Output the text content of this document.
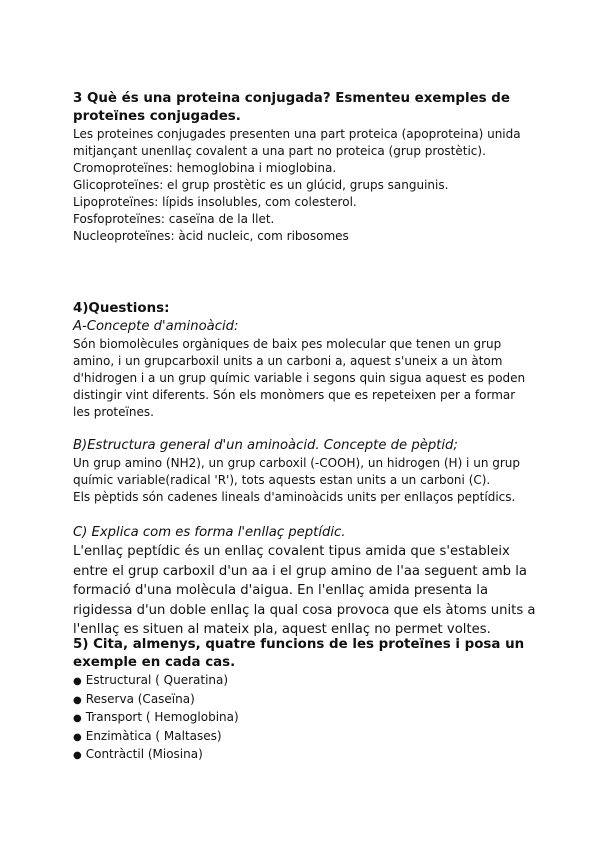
3 Què és una proteina conjugada? Esmenteu exemples de

proteïnes conjugades.

Les proteines conjugades presenten una part proteica (apoproteina) unida

mitjançant unenllaç covalent a una part no proteica (grup prostètic).

Cromoproteïnes: hemoglobina i mioglobina.

Glicoproteïnes: el grup prostètic es un glúcid, grups sanguinis.

Lipoproteïnes: lípids insolubles, com colesterol.

Fosfoproteïnes: caseïna de la llet.

Nucleoproteïnes: àcid nucleic, com ribosomes

4)Questions:

A-Concepte d'aminoàcid:

Són biomolècules orgàniques de baix pes molecular que tenen un grup

amino, i un grupcarboxil units a un carboni a, aquest s'uneix a un àtom

d'hidrogen i a un grup químic variable i segons quin sigua aquest es poden

distingir vint diferents. Són els monòmers que es repeteixen per a formar

les proteïnes.

B)Estructura general d'un aminoàcid. Concepte de pèptid;

Un grup amino (NH2), un grup carboxil (-COOH), un hidrogen (H) i un grup

químic variable(radical 'R'), tots aquests estan units a un carboni (C).

Els pèptids són cadenes lineals d'aminoàcids units per enllaços peptídics.

C) Explica com es forma l'enllaç peptídic.

L'enllaç peptídic és un enllaç covalent tipus amida que s'estableix

entre el grup carboxil d'un aa i el grup amino de l'aa seguent amb la

formació d'una molècula d'aigua. En l'enllaç amida presenta la

rigidessa d'un doble enllaç la qual cosa provoca que els àtoms units a

l'enllaç es situen al mateix pla, aquest enllaç no permet voltes.

5) Cita, almenys, quatre funcions de les proteïnes i posa un

exemple en cada cas.

● Estructural ( Queratina)
● Reserva (Caseïna)
● Transport ( Hemoglobina)
● Enzimàtica ( Maltases)
● Contràctil (Miosina)
